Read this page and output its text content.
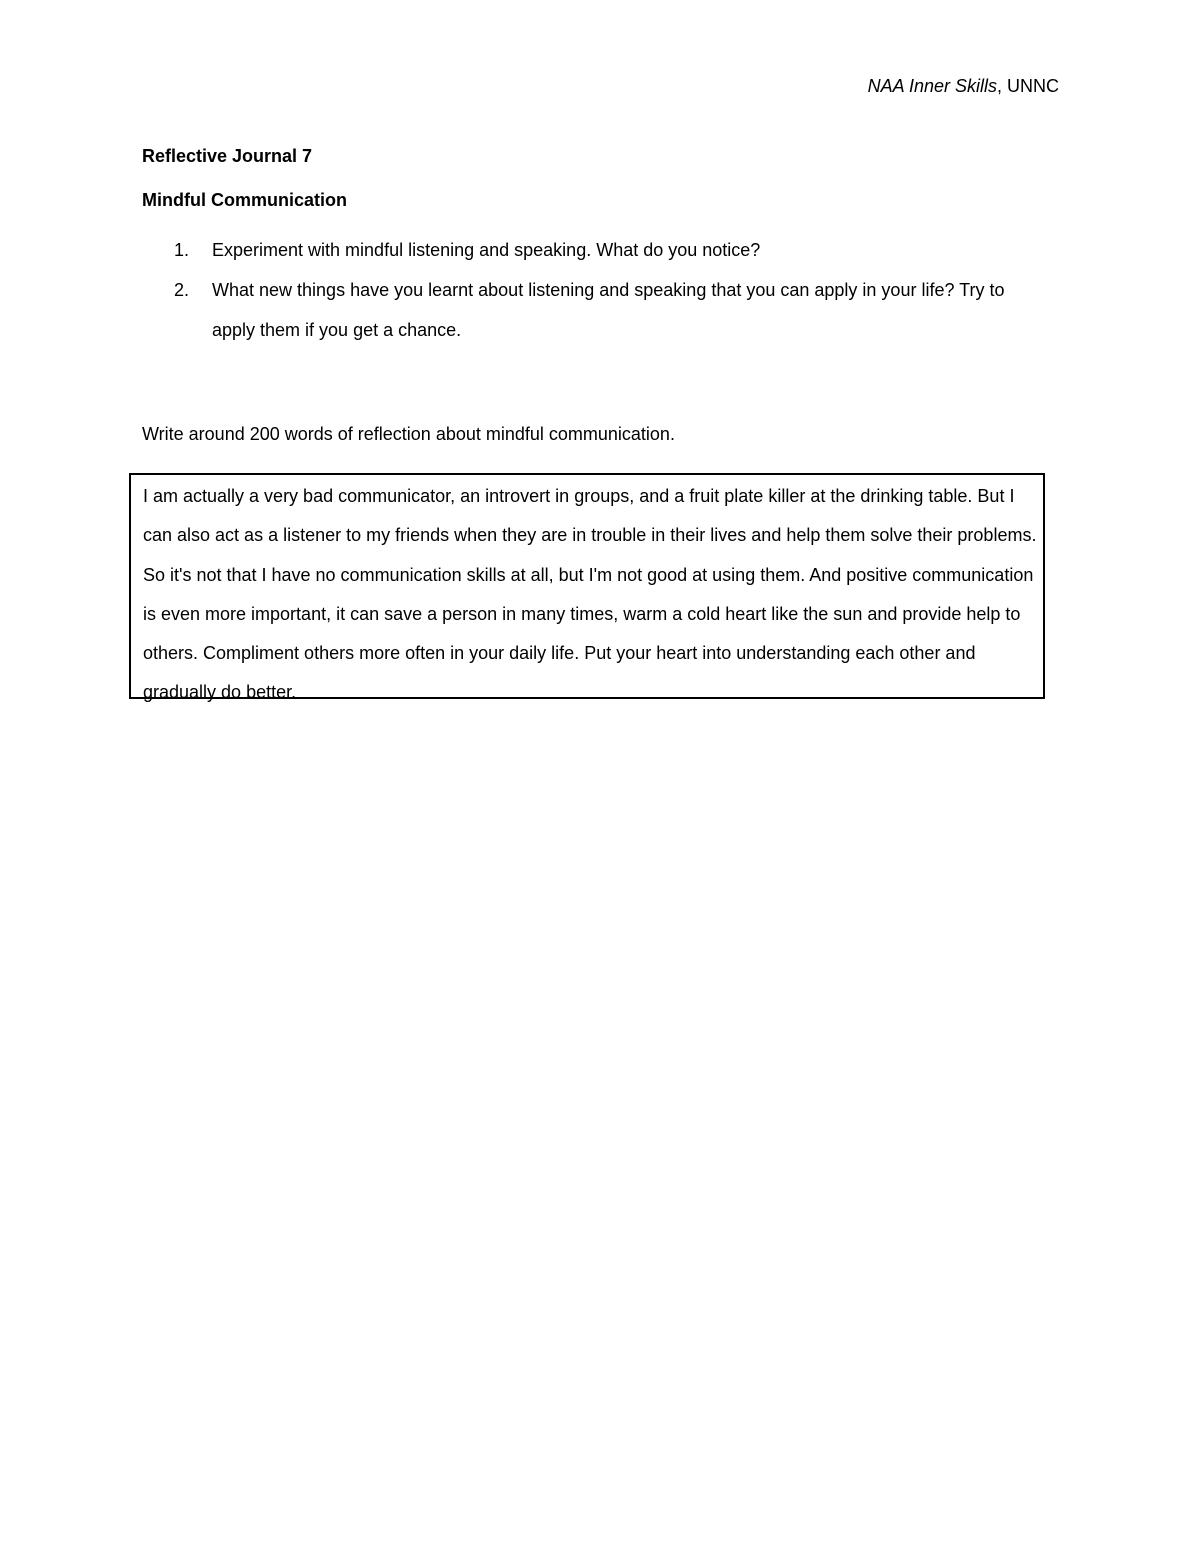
NAA Inner Skills, UNNC
Reflective Journal 7
Mindful Communication
1. Experiment with mindful listening and speaking. What do you notice?
2. What new things have you learnt about listening and speaking that you can apply in your life? Try to apply them if you get a chance.
Write around 200 words of reflection about mindful communication.

I am actually a very bad communicator, an introvert in groups, and a fruit plate killer at the drinking table. But I can also act as a listener to my friends when they are in trouble in their lives and help them solve their problems. So it's not that I have no communication skills at all, but I'm not good at using them. And positive communication is even more important, it can save a person in many times, warm a cold heart like the sun and provide help to others. Compliment others more often in your daily life. Put your heart into understanding each other and gradually do better.
